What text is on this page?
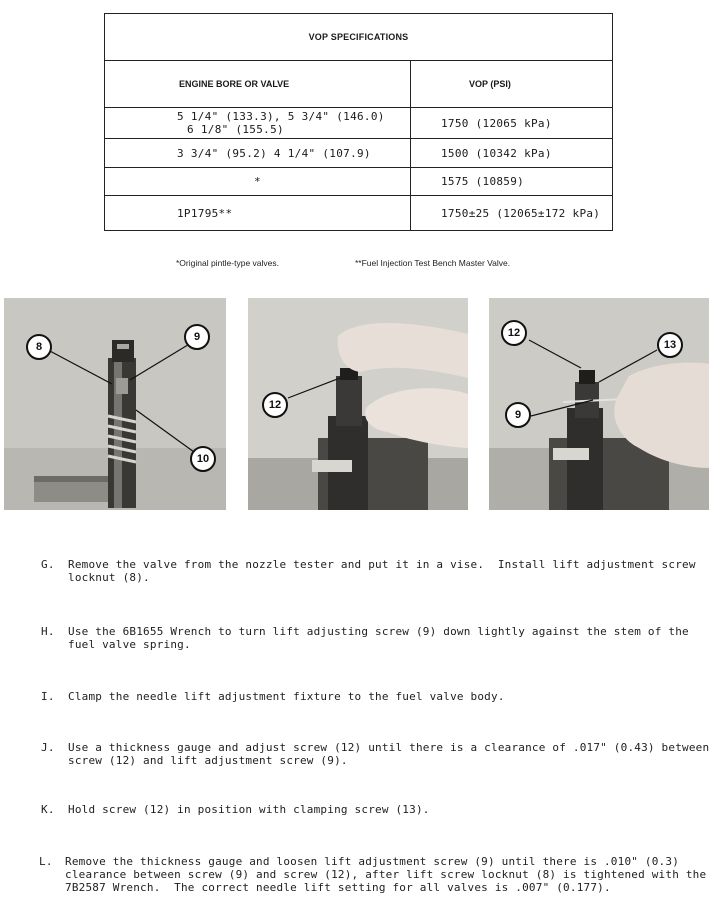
VOP SPECIFICATIONS	
ENGINE BORE OR VALVE	VOP (PSI)
5 1/4" (133.3), 5 3/4" (146.0)

6 1/8" (155.5)	1750 (12065 kPa)
3 3/4" (95.2) 4 1/4" (107.9)	1500 (10342 kPa)
*	1575 (10859)
1P1795**	1750±25 (12065±172 kPa)
*Original pintle-type valves.	**Fuel Injection Test Bench Master Valve.
8
9
10
12
12
13
9
G. Remove the valve from the nozzle tester and put it in a vise.  Install lift adjustment screw
locknut (8).
H. Use the 6B1655 Wrench to turn lift adjusting screw (9) down lightly against the stem of the
fuel valve spring.
I. Clamp the needle lift adjustment fixture to the fuel valve body.
J. Use a thickness gauge and adjust screw (12) until there is a clearance of .017" (0.43) between
screw (12) and lift adjustment screw (9).
K. Hold screw (12) in position with clamping screw (13).
L. Remove the thickness gauge and loosen lift adjustment screw (9) until there is .010" (0.3)
clearance between screw (9) and screw (12), after lift screw locknut (8) is tightened with the
7B2587 Wrench.  The correct needle lift setting for all valves is .007" (0.177).
